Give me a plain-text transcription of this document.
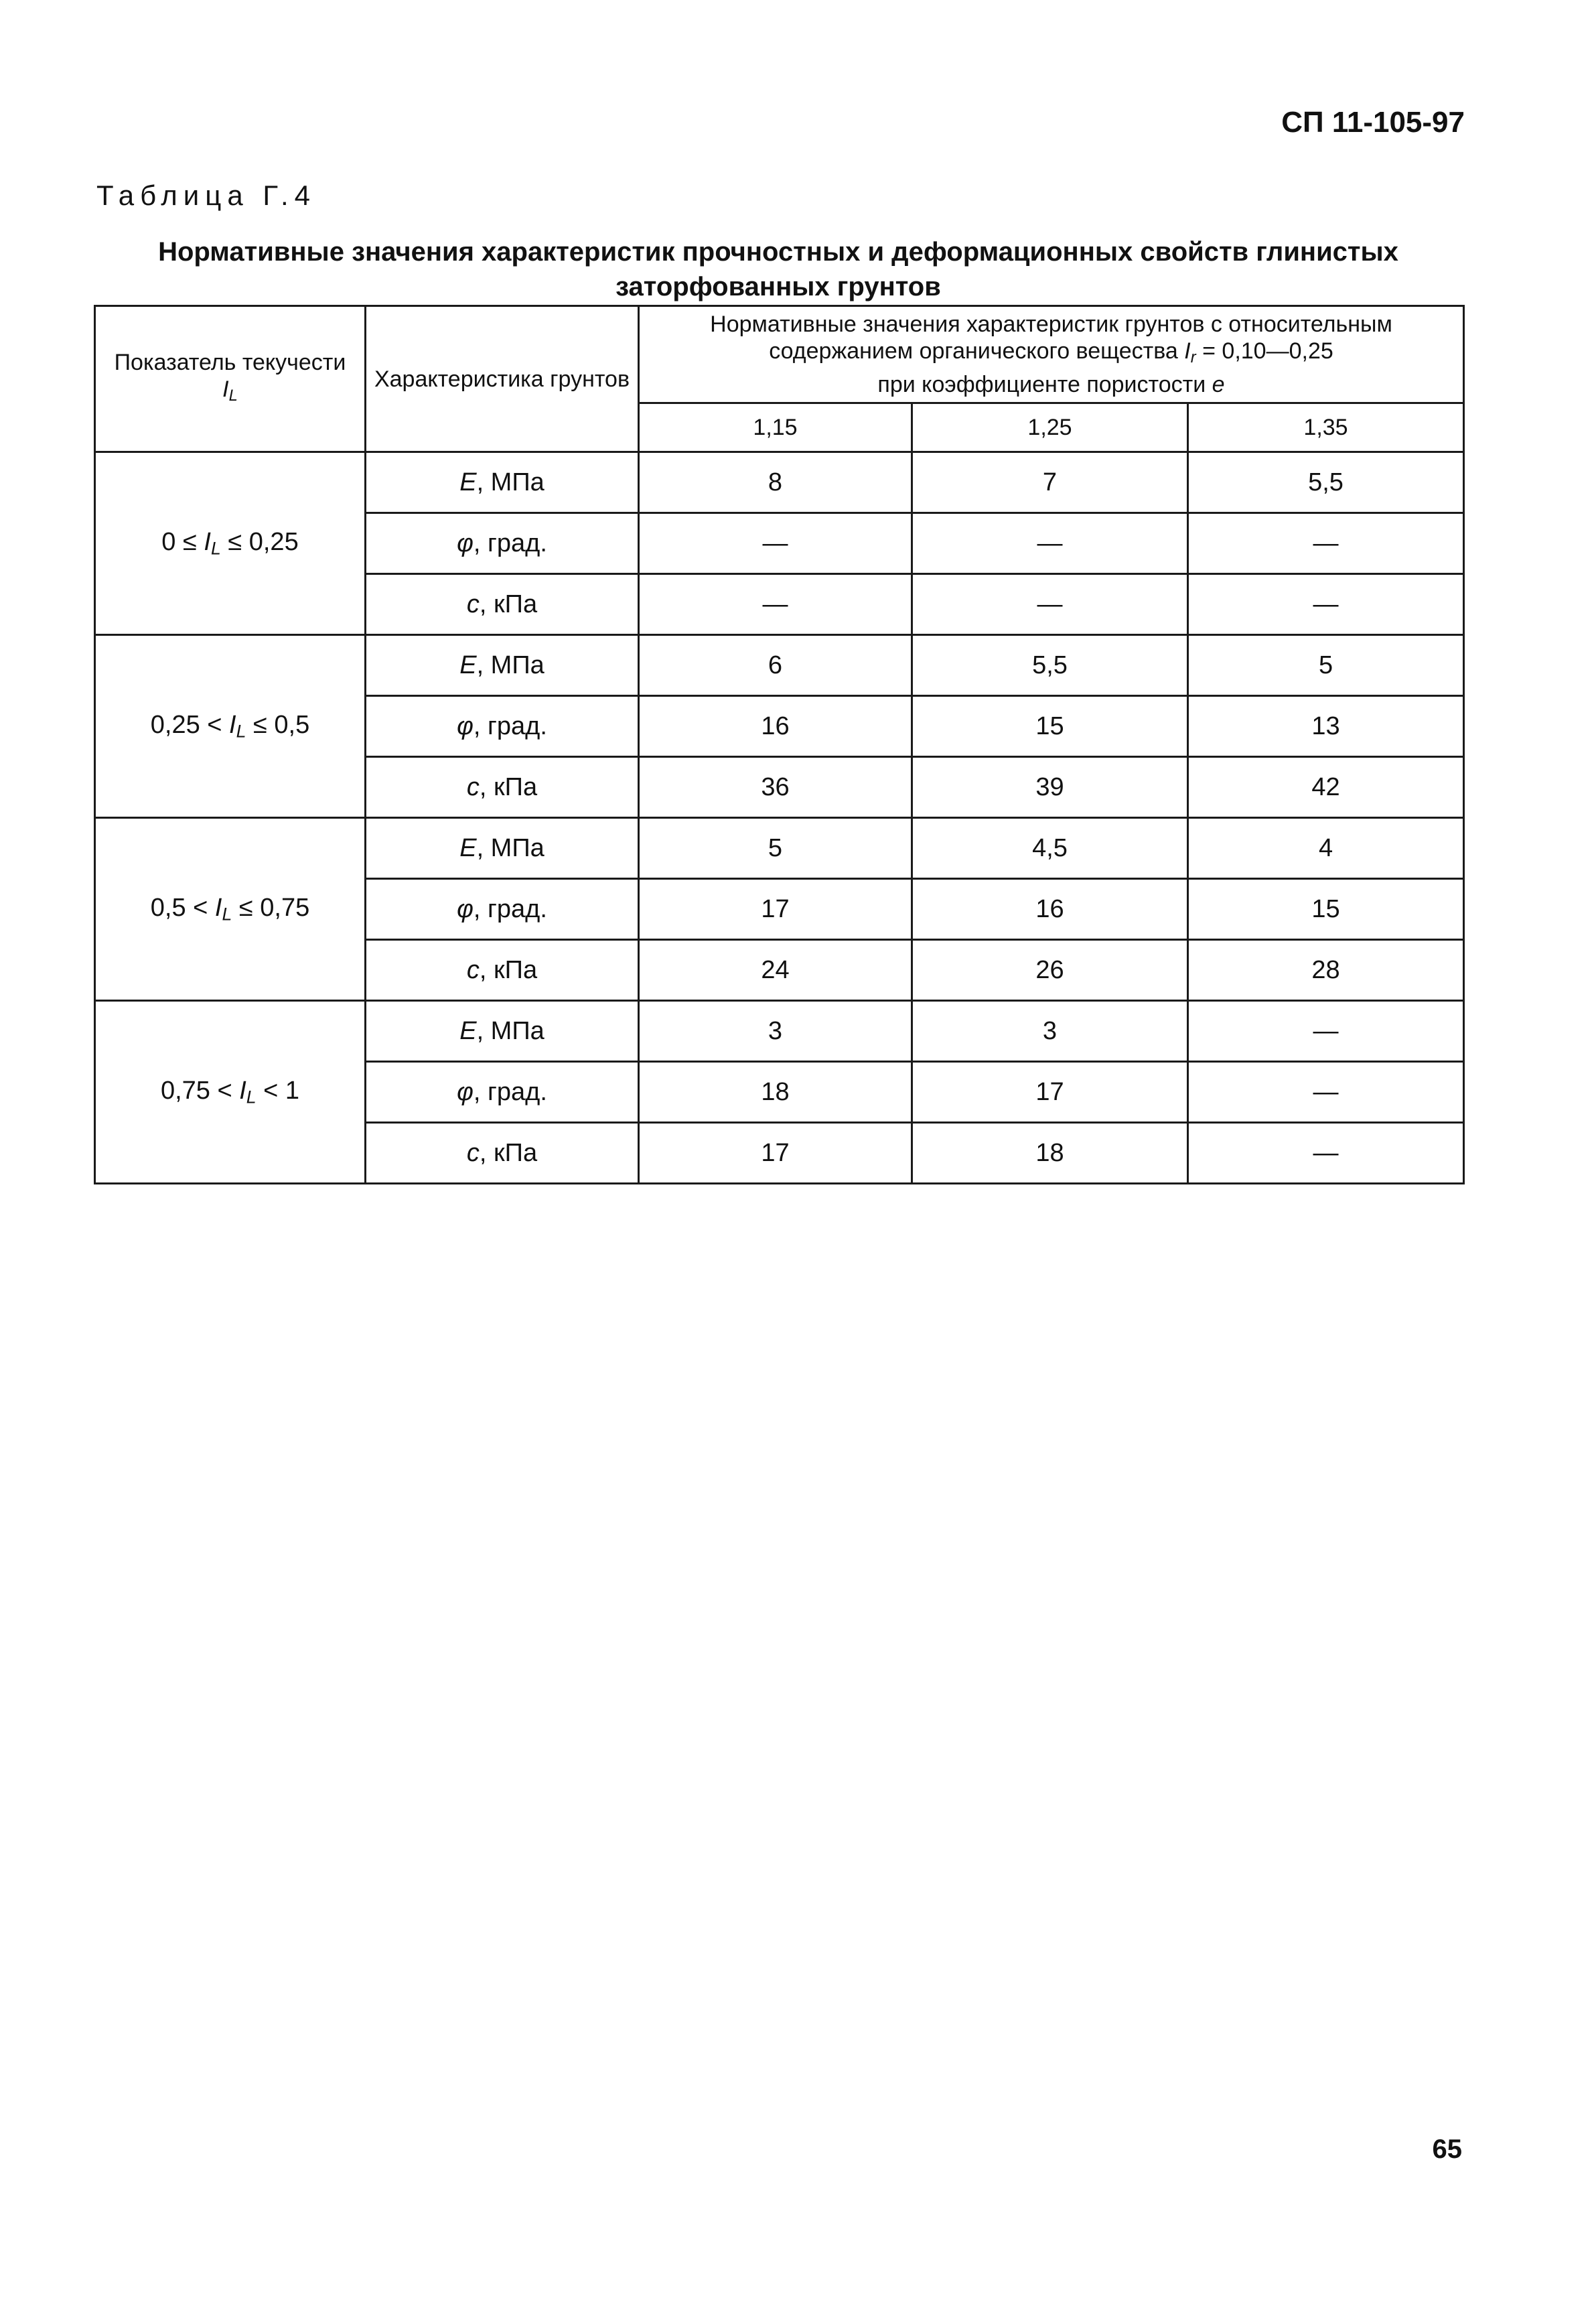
СП 11-105-97
Таблица Г.4
Нормативные значения характеристик прочностных и деформационных свойств глинистых заторфованных грунтов
Показатель текучести
$I_L$	Характеристика грунтов	Нормативные значения характеристик грунтов с относительным
содержанием органического вещества $I_r$ = 0,10—0,25
при коэффициенте пористости e		
		1,15	1,25	1,35
$0 \le I_L \le 0,25$	E, МПа	8	7	5,5
	φ, град.	—	—	—
	c, кПа	—	—	—
$0,25 < I_L \le 0,5$	E, МПа	6	5,5	5
	φ, град.	16	15	13
	c, кПа	36	39	42
$0,5 < I_L \le 0,75$	E, МПа	5	4,5	4
	φ, град.	17	16	15
	c, кПа	24	26	28
$0,75 < I_L < 1$	E, МПа	3	3	—
	φ, град.	18	17	—
	c, кПа	17	18	—
65
